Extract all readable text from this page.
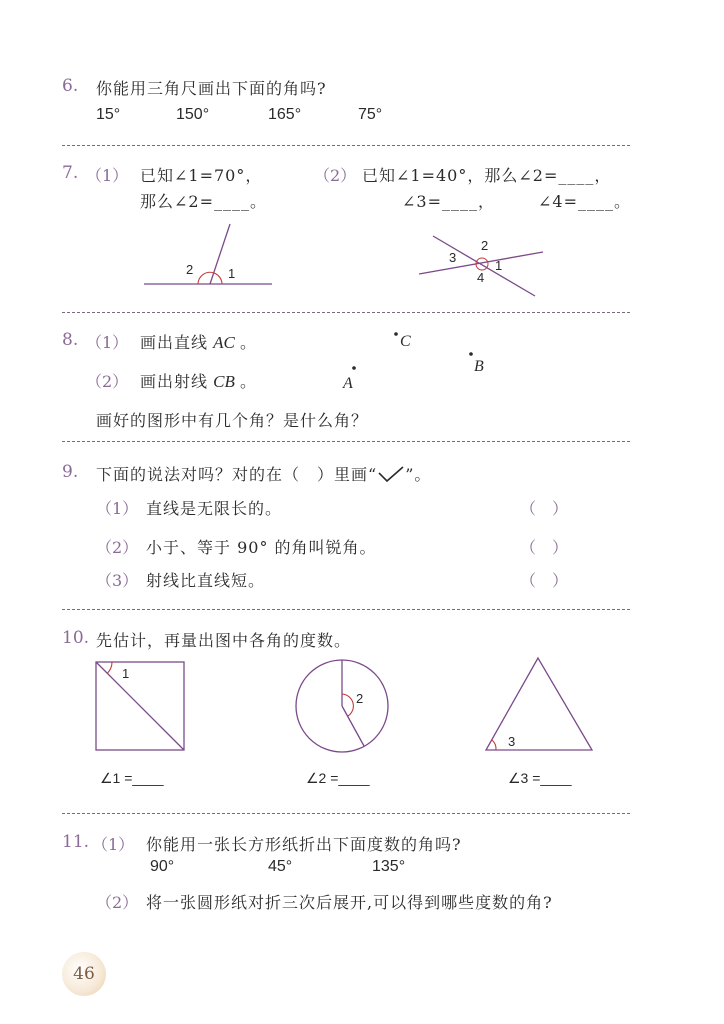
6. 你能用三角尺画出下面的角吗?
15°	150°	165°	75°
7. （1） 已知∠1=70°，
那么∠2=____。
（2） 已知∠1=40°，那么∠2=____，
∠3=____，	∠4=____。
2	1
2
3
1
4
8. （1） 画出直线 AC 。
（2） 画出射线 CB 。
C
B
A
画好的图形中有几个角？是什么角？
9. 下面的说法对吗？对的在（　）里画“ ”。
（1） 直线是无限长的。	（　）
（2） 小于、等于 90° 的角叫锐角。	（　）
（3） 射线比直线短。	（　）
10. 先估计，再量出图中各角的度数。
1
2
3
∠1 =____	∠2 =____	∠3 =____
11. （1） 你能用一张长方形纸折出下面度数的角吗?
90°	45°	135°
（2） 将一张圆形纸对折三次后展开,可以得到哪些度数的角?
46
